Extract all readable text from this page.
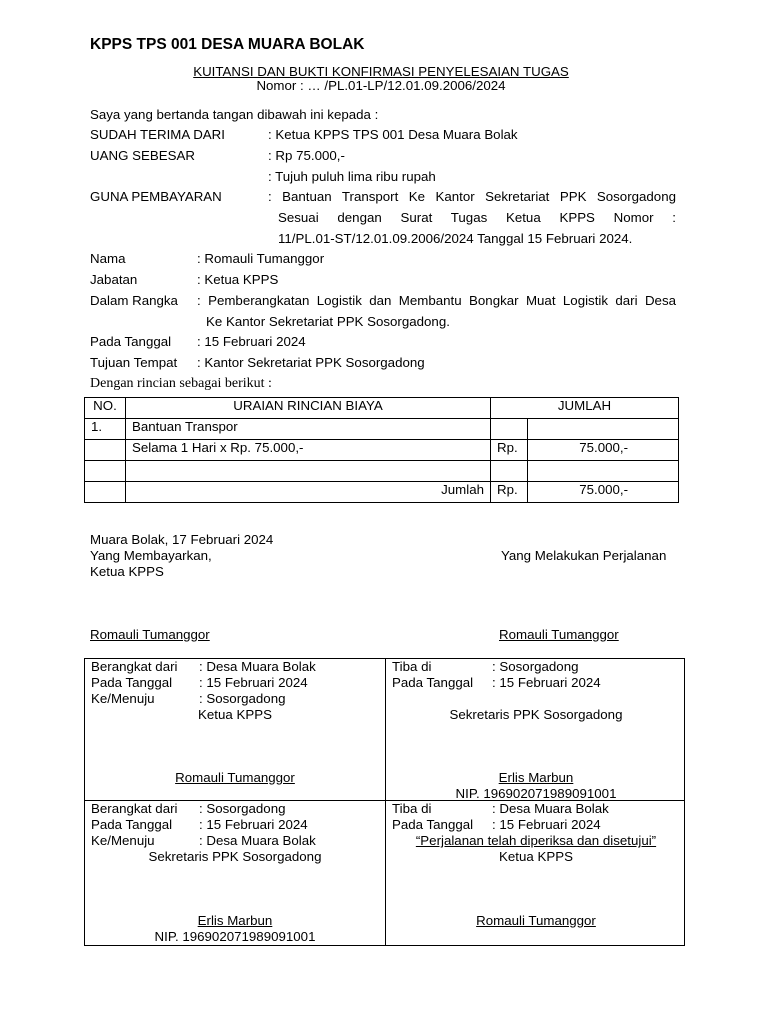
KPPS TPS 001 DESA MUARA BOLAK
KUITANSI DAN BUKTI KONFIRMASI PENYELESAIAN TUGAS
Nomor : … /PL.01-LP/12.01.09.2006/2024
Saya yang bertanda tangan dibawah ini kepada :
SUDAH TERIMA DARI	: Ketua KPPS TPS 001 Desa Muara Bolak
UANG SEBESAR	: Rp 75.000,-
: Tujuh puluh lima ribu rupah
GUNA PEMBAYARAN	: Bantuan Transport Ke Kantor Sekretariat PPK Sosorgadong
Sesuai dengan Surat Tugas Ketua KPPS Nomor :
11/PL.01-ST/12.01.09.2006/2024 Tanggal 15 Februari 2024.
Nama	: Romauli Tumanggor
Jabatan	: Ketua KPPS
Dalam Rangka : Pemberangkatan Logistik dan Membantu Bongkar Muat Logistik dari Desa
Ke Kantor Sekretariat PPK Sosorgadong.
Pada Tanggal : 15 Februari 2024
Tujuan Tempat : Kantor Sekretariat PPK Sosorgadong
Dengan rincian sebagai berikut :
NO.	URAIAN RINCIAN BIAYA	JUMLAH	
1.	Bantuan Transpor		
	Selama 1 Hari x Rp. 75.000,-	Rp.	75.000,-

	Jumlah	Rp.	75.000,-
Muara Bolak, 17 Februari 2024
Yang Membayarkan,
Ketua KPPS
Yang Melakukan Perjalanan
Romauli Tumanggor	Romauli Tumanggor
Berangkat dari : Desa Muara Bolak
Pada Tanggal : 15 Februari 2024
Ke/Menuju	: Sosorgadong
Ketua KPPS
Romauli Tumanggor
Tiba di	: Sosorgadong
Pada Tanggal : 15 Februari 2024
Sekretaris PPK Sosorgadong
Erlis Marbun
NIP. 196902071989091001
Berangkat dari : Sosorgadong
Pada Tanggal : 15 Februari 2024
Ke/Menuju	: Desa Muara Bolak
Sekretaris PPK Sosorgadong
Erlis Marbun
NIP. 196902071989091001
Tiba di	: Desa Muara Bolak
Pada Tanggal : 15 Februari 2024
“Perjalanan telah diperiksa dan disetujui”
Ketua KPPS
Romauli Tumanggor
